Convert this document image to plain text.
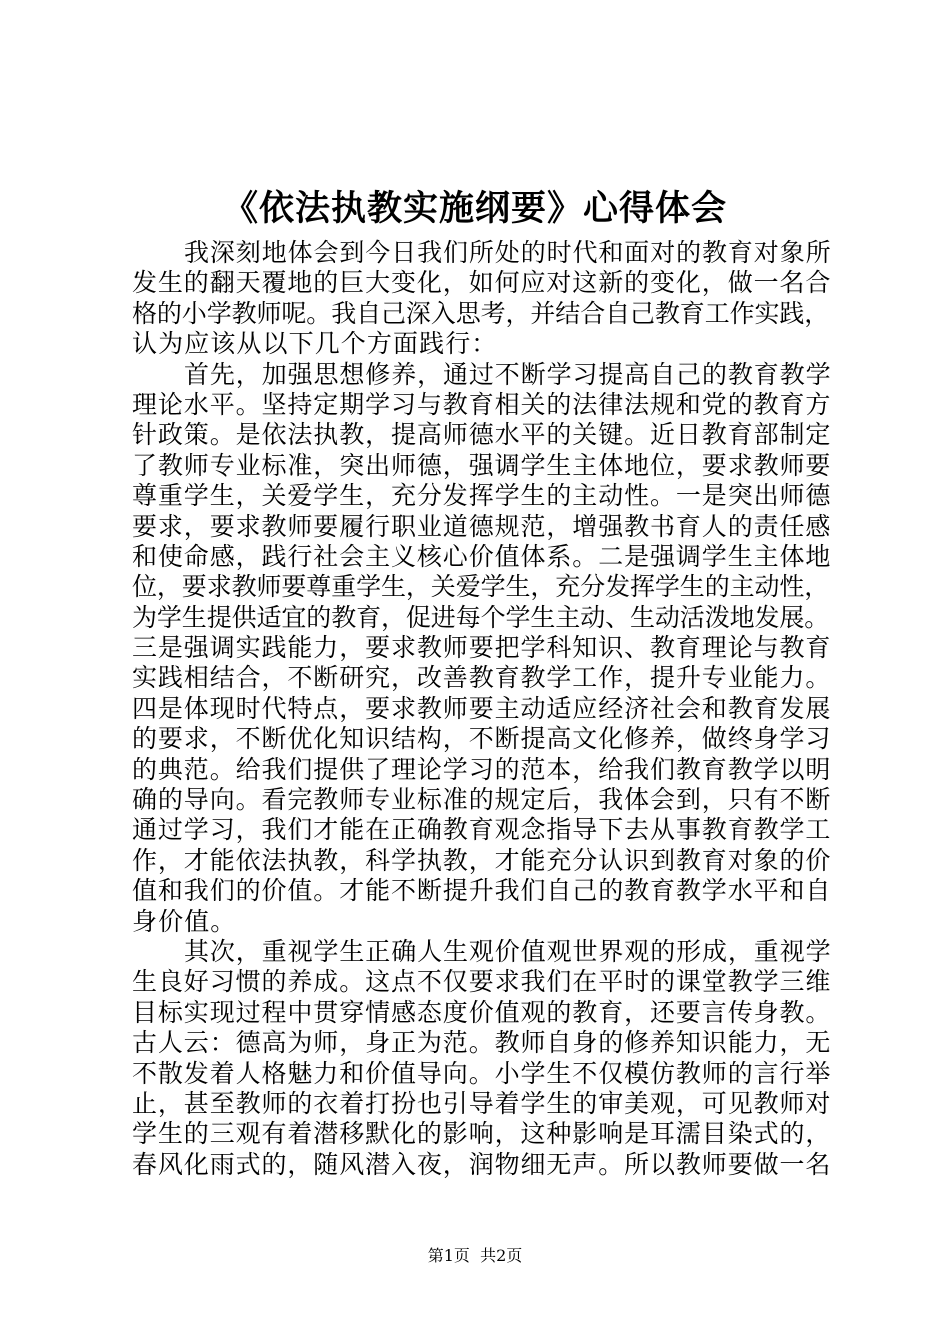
《依法执教实施纲要》心得体会
我深刻地体会到今日我们所处的时代和面对的教育对象所
发生的翻天覆地的巨大变化，如何应对这新的变化，做一名合
格的小学教师呢。我自己深入思考，并结合自己教育工作实践，
认为应该从以下几个方面践行：
首先，加强思想修养，通过不断学习提高自己的教育教学
理论水平。坚持定期学习与教育相关的法律法规和党的教育方
针政策。是依法执教，提高师德水平的关键。近日教育部制定
了教师专业标准，突出师德，强调学生主体地位，要求教师要
尊重学生，关爱学生，充分发挥学生的主动性。一是突出师德
要求，要求教师要履行职业道德规范，增强教书育人的责任感
和使命感，践行社会主义核心价值体系。二是强调学生主体地
位，要求教师要尊重学生，关爱学生，充分发挥学生的主动性，
为学生提供适宜的教育，促进每个学生主动、生动活泼地发展。
三是强调实践能力，要求教师要把学科知识、教育理论与教育
实践相结合，不断研究，改善教育教学工作，提升专业能力。
四是体现时代特点，要求教师要主动适应经济社会和教育发展
的要求，不断优化知识结构，不断提高文化修养，做终身学习
的典范。给我们提供了理论学习的范本，给我们教育教学以明
确的导向。看完教师专业标准的规定后，我体会到，只有不断
通过学习，我们才能在正确教育观念指导下去从事教育教学工
作，才能依法执教，科学执教，才能充分认识到教育对象的价
值和我们的价值。才能不断提升我们自己的教育教学水平和自
身价值。
其次，重视学生正确人生观价值观世界观的形成，重视学
生良好习惯的养成。这点不仅要求我们在平时的课堂教学三维
目标实现过程中贯穿情感态度价值观的教育，还要言传身教。
古人云：德高为师，身正为范。教师自身的修养知识能力，无
不散发着人格魅力和价值导向。小学生不仅模仿教师的言行举
止，甚至教师的衣着打扮也引导着学生的审美观，可见教师对
学生的三观有着潜移默化的影响，这种影响是耳濡目染式的，
春风化雨式的，随风潜入夜，润物细无声。所以教师要做一名
第1页 共2页
